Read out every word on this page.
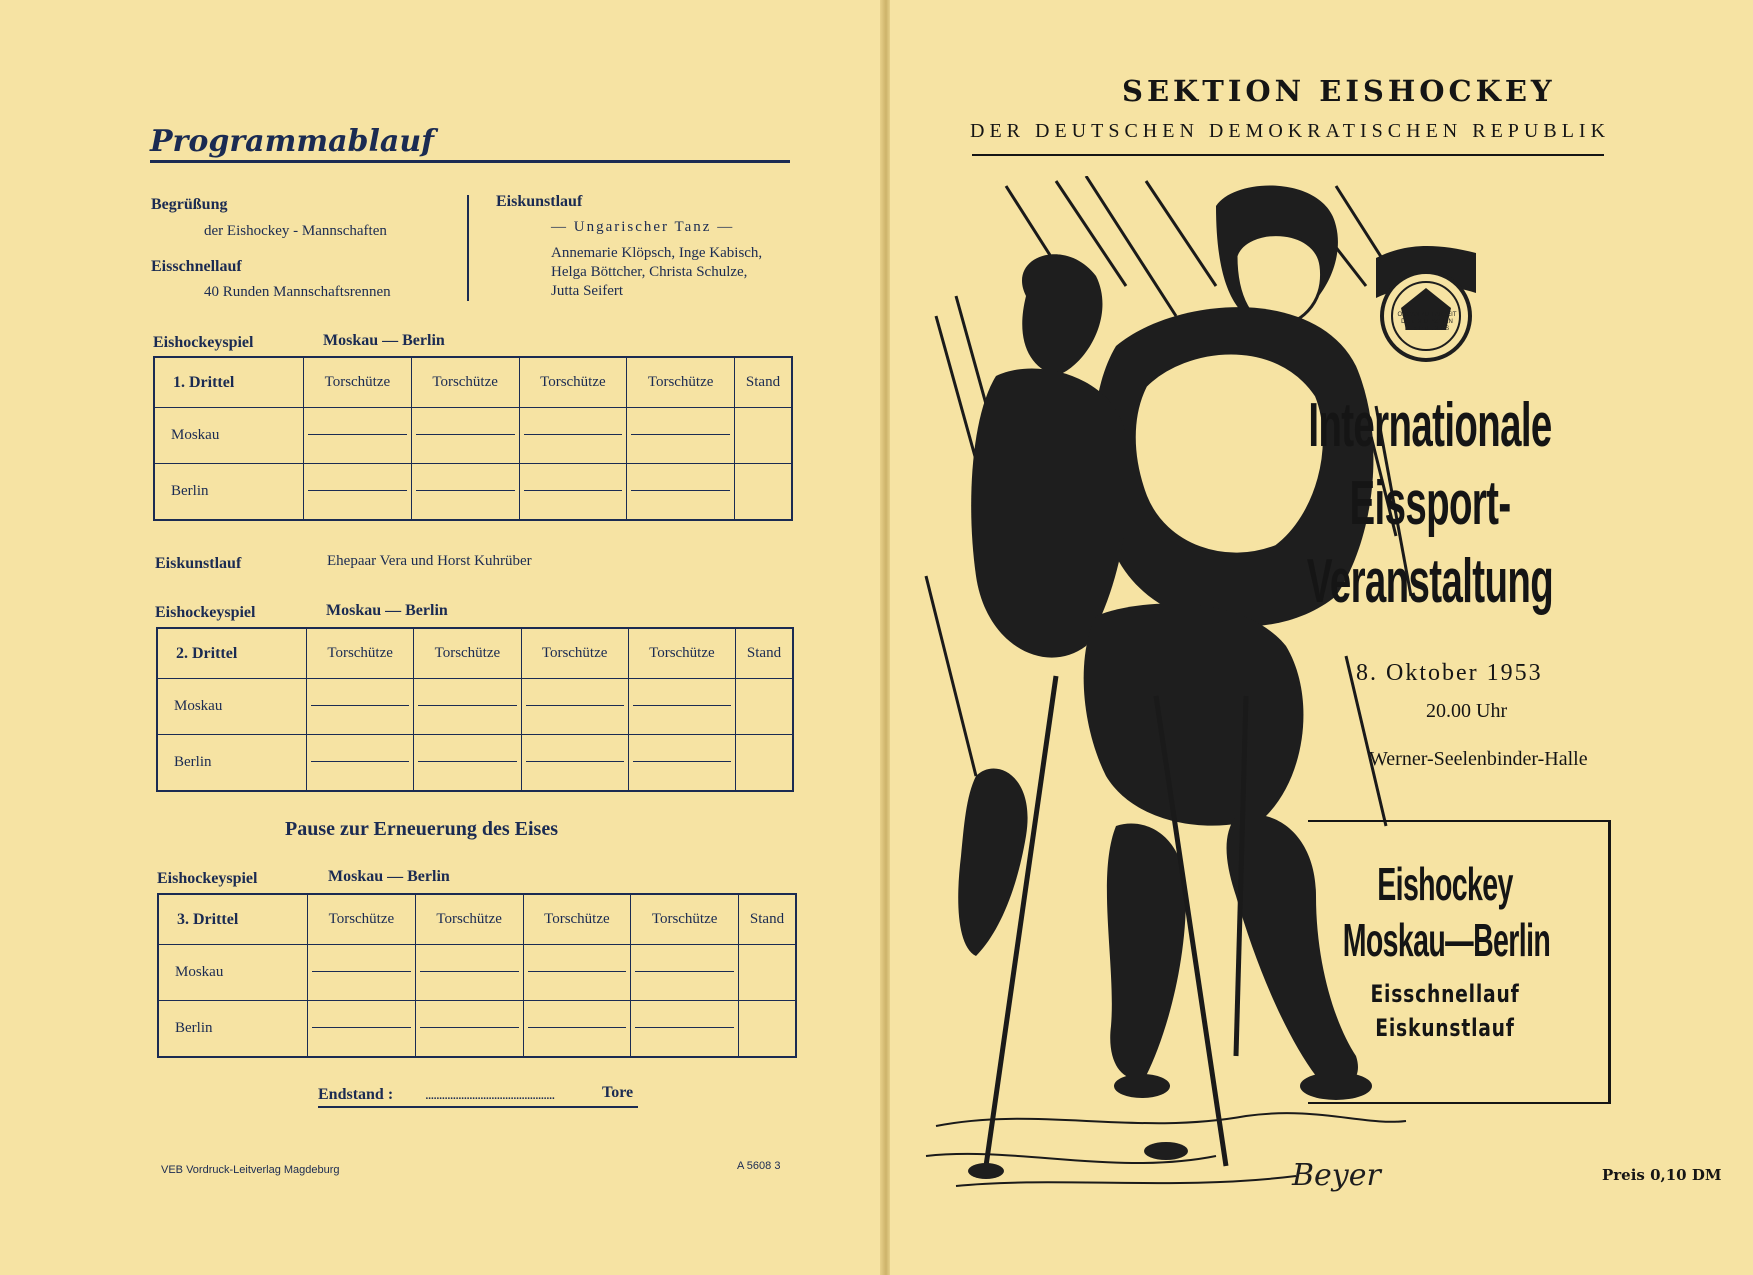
Programmablauf
Begrüßung
der Eishockey - Mannschaften
Eisschnellauf
40 Runden Mannschaftsrennen
Eiskunstlauf
— Ungarischer Tanz —
Annemarie Klöpsch, Inge Kabisch,
Helga Böttcher, Christa Schulze,
Jutta Seifert
Eishockeyspiel	Moskau — Berlin
1. Drittel	Torschütze	Torschütze	Torschütze	Torschütze	Stand
Moskau	

Berlin	

Eiskunstlauf	Ehepaar Vera und Horst Kuhrüber
Eishockeyspiel	Moskau — Berlin
2. Drittel	Torschütze	Torschütze	Torschütze	Torschütze	Stand
Moskau	

Berlin	

Pause zur Erneuerung des Eises
Eishockeyspiel	Moskau — Berlin
3. Drittel	Torschütze	Torschütze	Torschütze	Torschütze	Stand
Moskau	

Berlin	

Endstand : ...............................................	Tore
VEB Vordruck-Leitverlag Magdeburg	A 5608 3
SEKTION EISHOCKEY
DER DEUTSCHEN DEMOKRATISCHEN REPUBLIK
Beyer
ORGAN ZUR ARBEIT
DER DEUTSCHEN
DES FRIEDENS
Internationale
Eissport-
Veranstaltung
8. Oktober 1953
20.00 Uhr
Werner-Seelenbinder-Halle
Eishockey
Moskau—Berlin
Eisschnellauf
Eiskunstlauf
Preis 0,10 DM
